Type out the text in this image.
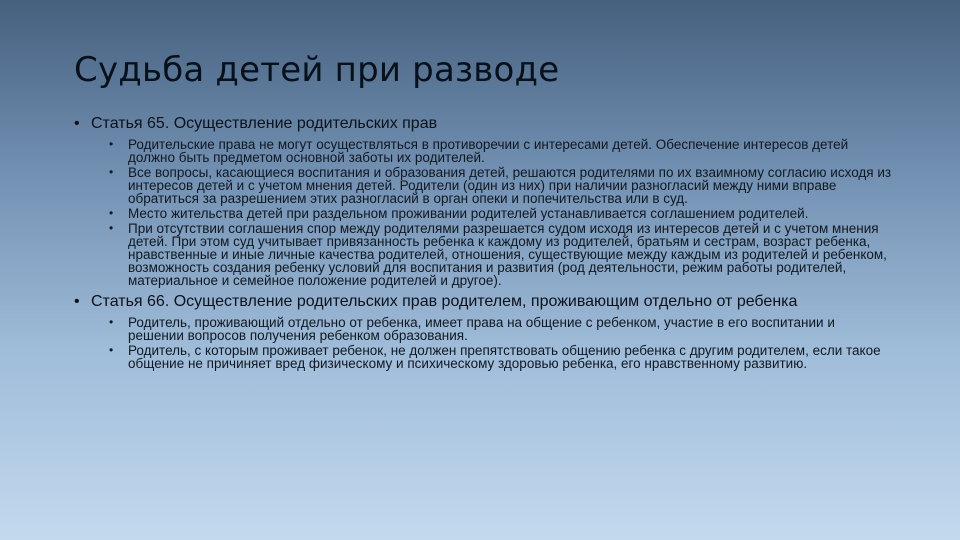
Судьба детей при разводе
• Статья 65. Осуществление родительских прав
• Родительские права не могут осуществляться в противоречии с интересами детей. Обеспечение интересов детей должно быть предметом основной заботы их родителей.
• Все вопросы, касающиеся воспитания и образования детей, решаются родителями по их взаимному согласию исходя из интересов детей и с учетом мнения детей. Родители (один из них) при наличии разногласий между ними вправе обратиться за разрешением этих разногласий в орган опеки и попечительства или в суд.
• Место жительства детей при раздельном проживании родителей устанавливается соглашением родителей.
• При отсутствии соглашения спор между родителями разрешается судом исходя из интересов детей и с учетом мнения детей. При этом суд учитывает привязанность ребенка к каждому из родителей, братьям и сестрам, возраст ребенка, нравственные и иные личные качества родителей, отношения, существующие между каждым из родителей и ребенком, возможность создания ребенку условий для воспитания и развития (род деятельности, режим работы родителей, материальное и семейное положение родителей и другое).
• Статья 66. Осуществление родительских прав родителем, проживающим отдельно от ребенка
• Родитель, проживающий отдельно от ребенка, имеет права на общение с ребенком, участие в его воспитании и решении вопросов получения ребенком образования.
• Родитель, с которым проживает ребенок, не должен препятствовать общению ребенка с другим родителем, если такое общение не причиняет вред физическому и психическому здоровью ребенка, его нравственному развитию.
